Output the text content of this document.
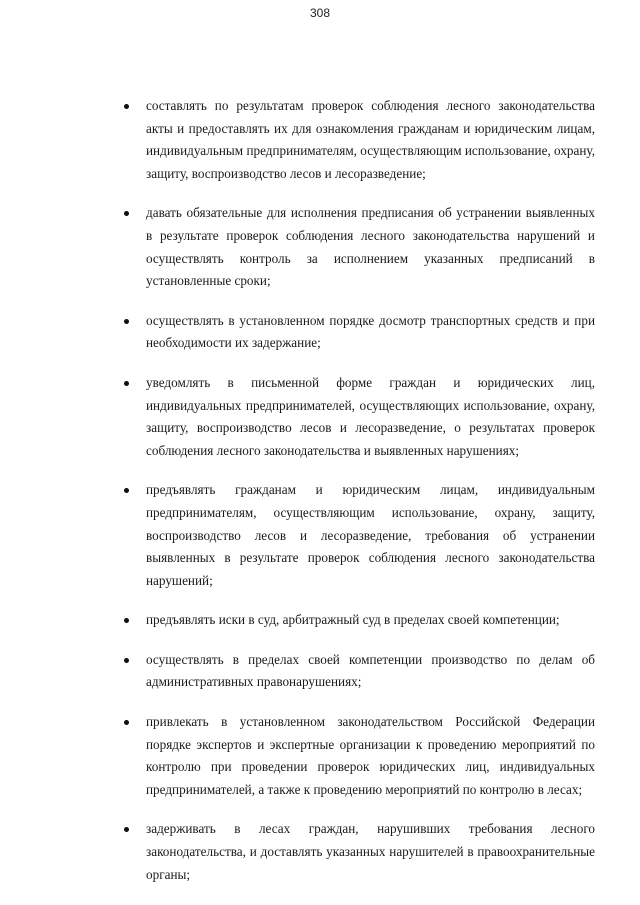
308
составлять по результатам проверок соблюдения лесного законодательства акты и предоставлять их для ознакомления гражданам и юридическим лицам, индивидуальным предпринимателям, осуществляющим использование, охрану, защиту, воспроизводство лесов и лесоразведение;
давать обязательные для исполнения предписания об устранении выявленных в результате проверок соблюдения лесного законодательства нарушений и осуществлять контроль за исполнением указанных предписаний в установленные сроки;
осуществлять в установленном порядке досмотр транспортных средств и при необходимости их задержание;
уведомлять в письменной форме граждан и юридических лиц, индивидуальных предпринимателей, осуществляющих использование, охрану, защиту, воспроизводство лесов и лесоразведение, о результатах проверок соблюдения лесного законодательства и выявленных нарушениях;
предъявлять гражданам и юридическим лицам, индивидуальным предпринимателям, осуществляющим использование, охрану, защиту, воспроизводство лесов и лесоразведение, требования об устранении выявленных в результате проверок соблюдения лесного законодательства нарушений;
предъявлять иски в суд, арбитражный суд в пределах своей компетенции;
осуществлять в пределах своей компетенции производство по делам об административных правонарушениях;
привлекать в установленном законодательством Российской Федерации порядке экспертов и экспертные организации к проведению мероприятий по контролю при проведении проверок юридических лиц, индивидуальных предпринимателей, а также к проведению мероприятий по контролю в лесах;
задерживать в лесах граждан, нарушивших требования лесного законодательства, и доставлять указанных нарушителей в правоохранительные органы;
